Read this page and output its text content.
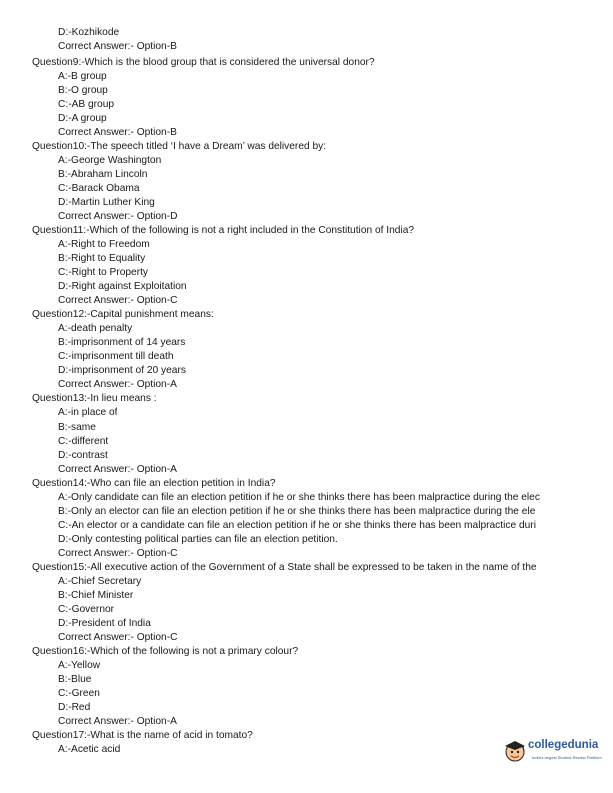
D:-Kozhikode
Correct Answer:- Option-B
Question9:-Which is the blood group that is considered the universal donor?
A:-B group
B:-O group
C:-AB group
D:-A group
Correct Answer:- Option-B
Question10:-The speech titled ‘I have a Dream’ was delivered by:
A:-George Washington
B:-Abraham Lincoln
C:-Barack Obama
D:-Martin Luther King
Correct Answer:- Option-D
Question11:-Which of the following is not a right included in the Constitution of India?
A:-Right to Freedom
B:-Right to Equality
C:-Right to Property
D:-Right against Exploitation
Correct Answer:- Option-C
Question12:-Capital punishment means:
A:-death penalty
B:-imprisonment of 14 years
C:-imprisonment till death
D:-imprisonment of 20 years
Correct Answer:- Option-A
Question13:-In lieu means :
A:-in place of
B:-same
C:-different
D:-contrast
Correct Answer:- Option-A
Question14:-Who can file an election petition in India?
A:-Only candidate can file an election petition if he or she thinks there has been malpractice during the elec
B:-Only an elector can file an election petition if he or she thinks there has been malpractice during the ele
C:-An elector or a candidate can file an election petition if he or she thinks there has been malpractice duri
D:-Only contesting political parties can file an election petition.
Correct Answer:- Option-C
Question15:-All executive action of the Government of a State shall be expressed to be taken in the name of the
A:-Chief Secretary
B:-Chief Minister
C:-Governor
D:-President of India
Correct Answer:- Option-C
Question16:-Which of the following is not a primary colour?
A:-Yellow
B:-Blue
C:-Green
D:-Red
Correct Answer:- Option-A
Question17:-What is the name of acid in tomato?
A:-Acetic acid	collegedunia
India's largest Student Review Platform
